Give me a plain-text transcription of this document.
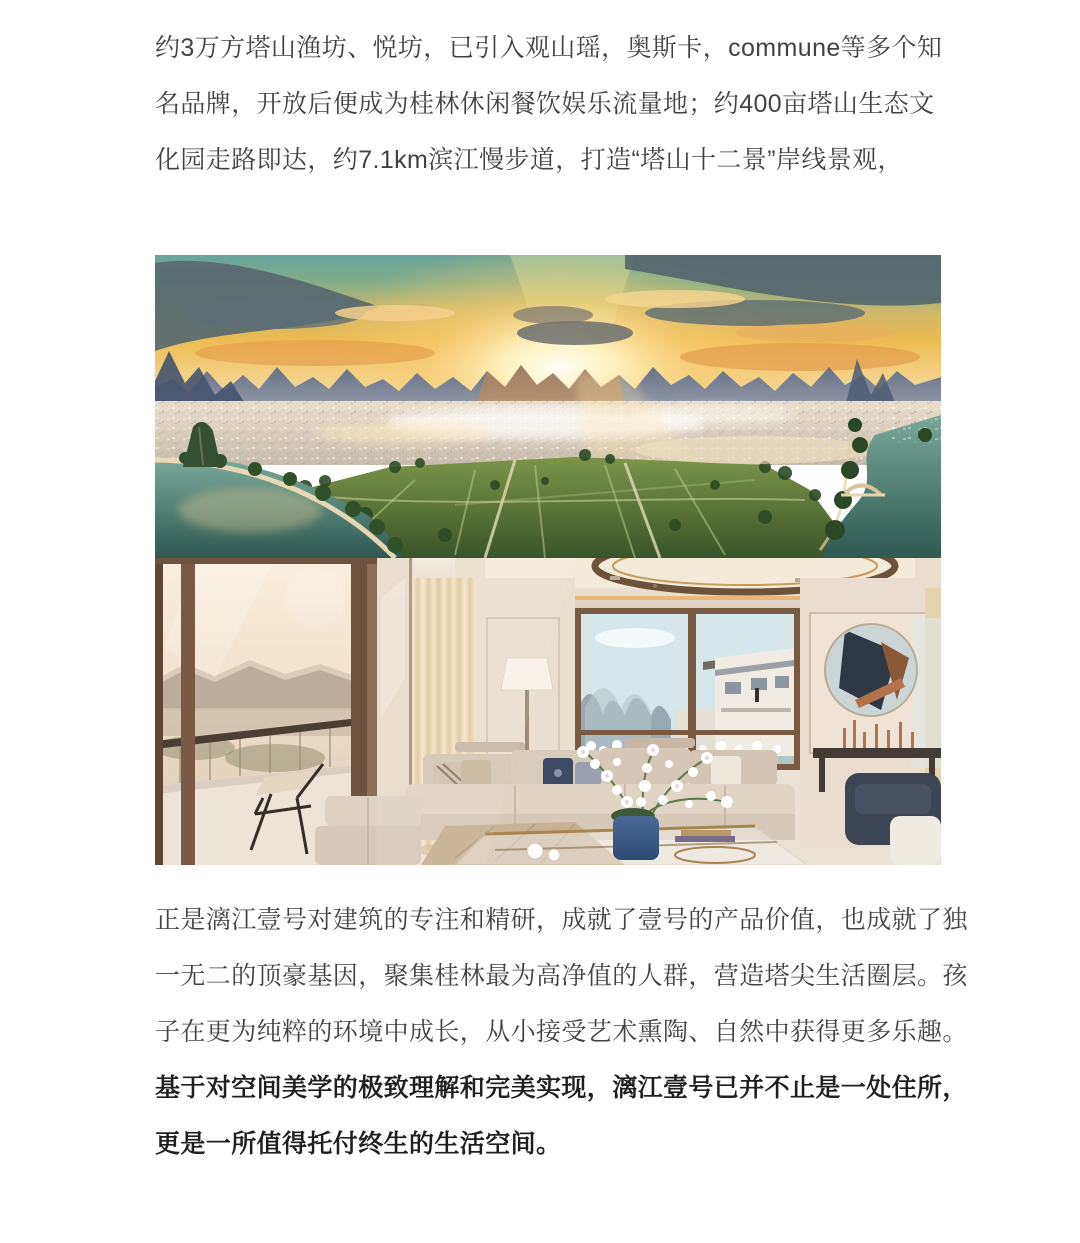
约3万方塔山渔坊、悦坊，已引入观山瑶，奥斯卡，commune等多个知
名品牌，开放后便成为桂林休闲餐饮娱乐流量地；约400亩塔山生态文
化园走路即达，约7.1km滨江慢步道，打造“塔山十二景”岸线景观，

正是漓江壹号对建筑的专注和精研，成就了壹号的产品价值，也成就了独
一无二的顶豪基因，聚集桂林最为高净值的人群，营造塔尖生活圈层。孩
子在更为纯粹的环境中成长，从小接受艺术熏陶、自然中获得更多乐趣。

基于对空间美学的极致理解和完美实现，漓江壹号已并不止是一处住所，
更是一所值得托付终生的生活空间。
